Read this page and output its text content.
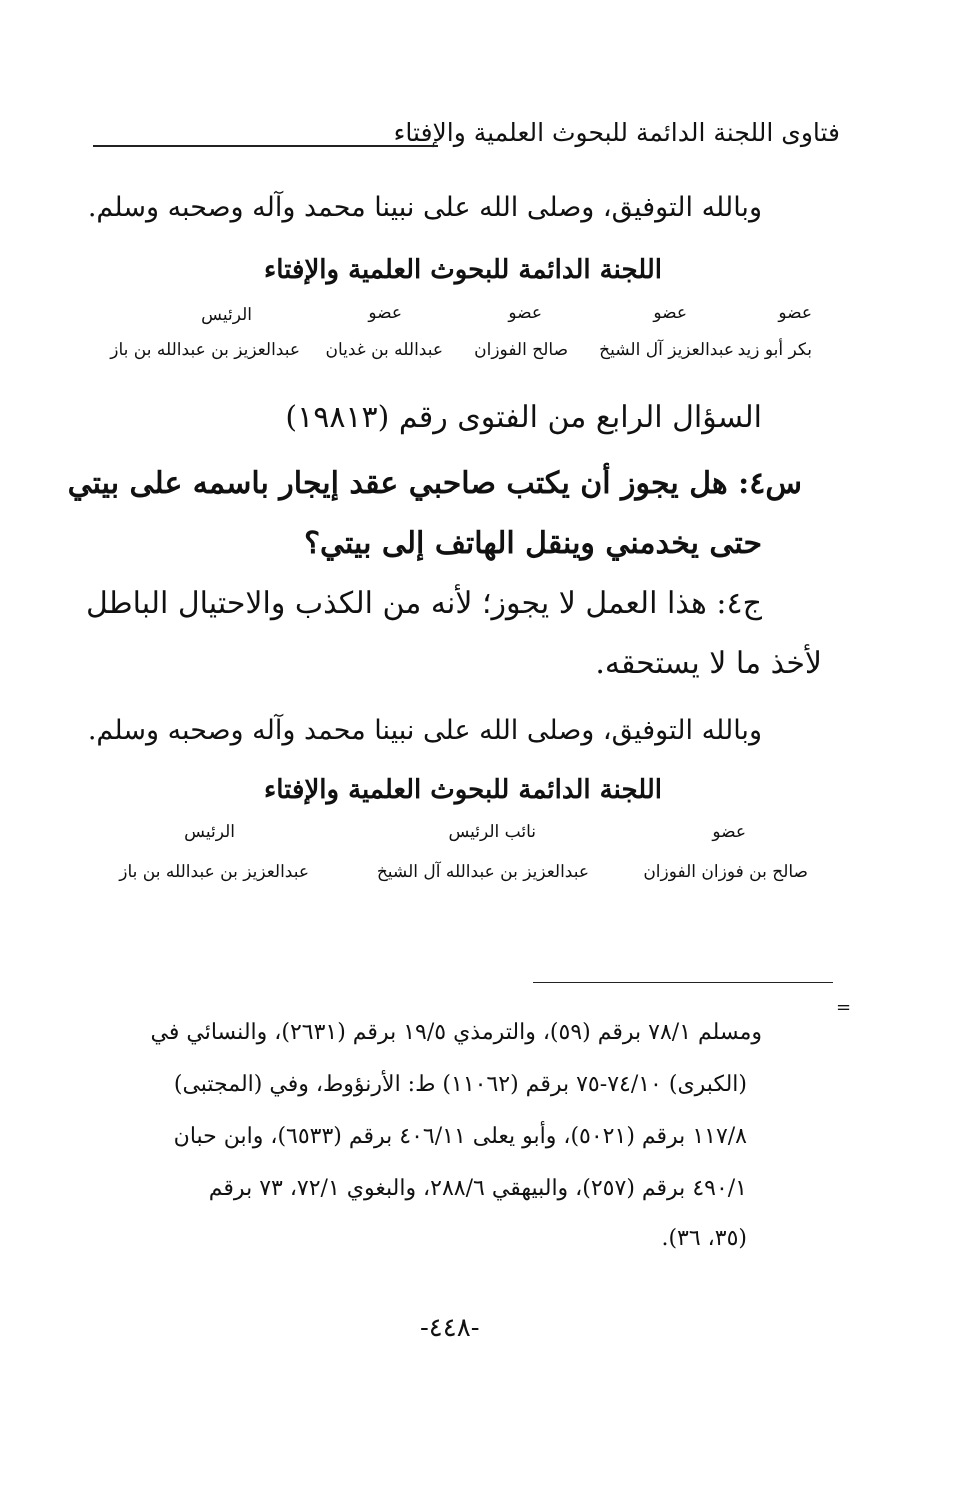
فتاوى اللجنة الدائمة للبحوث العلمية والإفتاء
وبالله التوفيق، وصلى الله على نبينا محمد وآله وصحبه وسلم.
اللجنة الدائمة للبحوث العلمية والإفتاء
عضو
عضو
عضو
عضو
الرئيس
بكر أبو زيد
عبدالعزيز آل الشيخ
صالح الفوزان
عبدالله بن غديان
عبدالعزيز بن عبدالله بن باز
السؤال الرابع من الفتوى رقم (١٩٨١٣)
س٤: هل يجوز أن يكتب صاحبي عقد إيجار باسمه على بيتي
حتى يخدمني وينقل الهاتف إلى بيتي؟
ج٤: هذا العمل لا يجوز؛ لأنه من الكذب والاحتيال الباطل
لأخذ ما لا يستحقه.
وبالله التوفيق، وصلى الله على نبينا محمد وآله وصحبه وسلم.
اللجنة الدائمة للبحوث العلمية والإفتاء
عضو
نائب الرئيس
الرئيس
صالح بن فوزان الفوزان
عبدالعزيز بن عبدالله آل الشيخ
عبدالعزيز بن عبدالله بن باز
=
ومسلم ٧٨/١ برقم (٥٩)، والترمذي ١٩/٥ برقم (٢٦٣١)، والنسائي في
(الكبرى) ٧٤/١٠-٧٥ برقم (١١٠٦٢) ط: الأرنؤوط، وفي (المجتبى)
١١٧/٨ برقم (٥٠٢١)، وأبو يعلى ٤٠٦/١١ برقم (٦٥٣٣)، وابن حبان
٤٩٠/١ برقم (٢٥٧)، والبيهقي ٢٨٨/٦، والبغوي ٧٢/١، ٧٣ برقم
(٣٥، ٣٦).
-٤٤٨-
